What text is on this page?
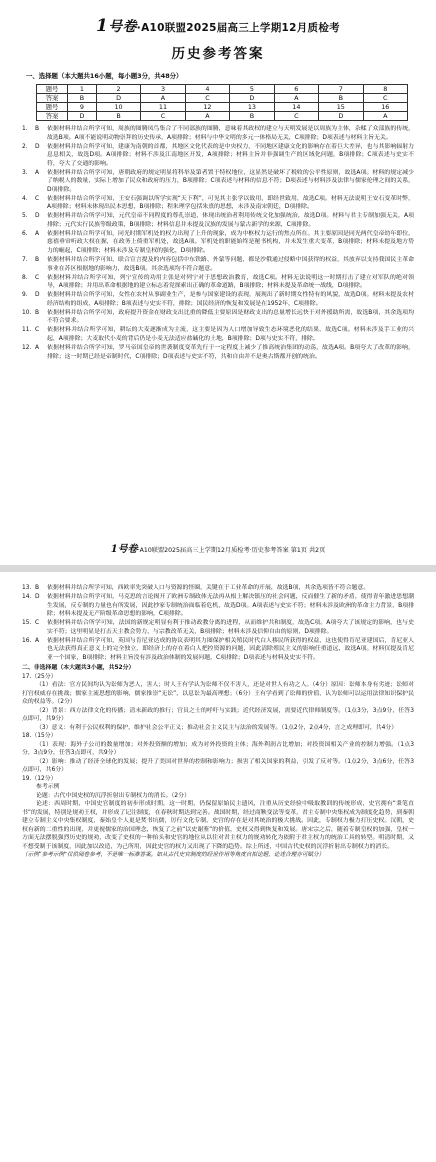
1号卷·A10联盟2025届高三上学期12月质检考
历史参考答案
一、选择题（本大题共16小题，每小题3分，共48分）
题号	1	2	3	4	5	6	7	8
答案	B	D	A	C	D	A	B	C
题号	9	10	11	12	13	14	15	16
答案	D	B	C	A	B	C	D	A
1.	B	依据材料并结合所学可知，周族的图腾凤鸟集合了不同部族的图腾，意味着其政权的建立与天明发展是以周族为主体，杂糅了众部族的传统，故选B项。A项不能说明动物崇拜的历史传承，A项排除；材料与中华文明的多元一体格局无关，C项排除；D项表述与材料主旨无关。
2.	D	依据材料并结合所学可知，建康为南朝的首都，其地区文化代表的是中央权力，不同地区建康文化的影响存在着巨大差异，也与其影响辐射力息息相关，故选D项。A项排除；材料不涉及江南地区开发，A项排除；材料主旨并非强调生产的区域化问题，B项排除；C项表述与史实不符，夸大了交通的影响。
3.	A	依据材料并结合所学可知，唐朝政府的规定明显将科举及第者置于特权地位，这显然是破坏了税收的公平性原则，故选A项。材料的规定减少了纳税人的数量，实际上增加了民众和政府的压力，B项排除；C项表述与材料的信息不符；D项表述与材料涉及法律与儒家伦理之间的关系，D项排除。
4.	C	依据材料并结合所学可知，王安石强调以所学实现“天下利”，可见其主张学以致用，即经世致用，故选C项。材料无法说明王安石变革时弊，A项排除；材料未体现出民本思想，B项排除；程朱理学包括朱熹的思想，未涉及南宋朝廷，D项排除。
5.	D	依据材料并结合所学可知，元代皇帝不同程度的尊孔崇道，体现出统治者利用传统文化加强统治，故选D项。材料与君主专制加强无关，A项排除；元代实行民族等级政策，B项排除；材料信息并未提及汉族的发展与蒙古新学的来源，C项排除。
6.	A	依据材料并结合所学可知，同光时期军机处的权力出现了上升的现象，成为中枢权力运行的焦点所在。其主要原因是同光两代皇帝幼年即位，慈禧垂帘听政大权在握，在政务上倚重军机处，故选A项。军机处的职能始终是秘书机构，并未发生重大变革，B项排除；材料未提及地方势力的崛起，C项排除；材料未涉及专制皇权的强化，D项排除。
7.	B	依据材料并结合所学可知，联合宣言提及的内容包括中东铁路、外蒙等问题，都是沙俄通过侵略中国获得的权益，其放弃以支持我国民主革命事业在苏区根据地的影响力，故选B项。其余选项均不符合题意。
8.	C	依据材料并结合所学可知，列宁宣传的功用主张是对列宁对于思想政治教育，故选C项。材料无法说明这一时期打击了建立对军队的绝对领导，A项排除；并用出革命根据地的建立标志着党探索出正确的革命道路，B项排除；材料未提及革命统一战线，D项排除。
9.	D	依据材料并结合所学可知，女性在农村从事副业生产，是参与国家建设的表现，展现出了新时期女性特有的风貌，故选D项。材料未提及农村经济结构的组成，A项排除；B项表述与史实不符，排除；国民经济的恢复和发展是在1952年，C项排除。
10. B	依据材料并结合所学可知，政府提升资金在财政支出比重的降低主要原因是财政支出的总量增长远快于对外援助所需，故选B项，其余选项均不符合要求。
11. C	依据材料并结合所学可知，耕坛的大麦逐渐成为主流，这主要是因为人口增加导致生态环境恶化的结果，故选C项。材料未涉及手工业的兴起，A项排除；大麦取代小麦的背后仍是小麦无法适应盐碱化的土地，B项排除；D项与史实不符，排除。
12. A	依据材料并结合所学可知，罗马帝国皇帝的世袭制度变革先行于一定程度上减少了推高统治集团的动荡，故选A项。B项夸大了改革的影响，排除；这一时期已经是帝制时代，C项排除；D项表述与史实不符，共和自由并不是奥古斯都开创的统治。
1号卷·A10联盟2025届高三上学期12月质检考·历史参考答案 第1页 共2页
13. B	依据材料并结合所学可知，西欧率先突破人口与资源的怪圈，关键在于工业革命的开展，故选B项，其余选项皆不符合题意。
14. D	依据材料并结合所学可知，马克思的言论揭开了欧洲专制政体无法再从根上解决镇压的社会问题，反而催生了新的矛盾，使得青年激进思想潮生发展，反专制的力量也有所发展，因此抄家专制统治面临着危机，故选D项。A项表述与史实不符；材料未涉及欧洲的革命主力背景，B项排除；材料未提及无产阶级革命思想的影响，C项排除。
15. C	依据材料并结合所学可知，法国的新规定明显有利于推动政教分离的进程，从而维护共和制度，故选C项。A项夸大了该规定的影响，也与史实不符；这里明显是打击天主教会势力，与宗教改革无关，B项排除；材料未涉及信仰自由的原则，D项排除。
16. A	依据材料并结合所学可知，英国与肯尼亚达成的协议表明其力图保护相关殖民时代白人移民所获得的权益，这也使得肯尼亚建国后，肯尼亚人也无法获得真正意义上的完全独立，即经济上的存在着白人把控资源的问题，因此清除殖民主义的影响任重道远，故选A项。材料仅提及肯尼亚一个国家，B项排除；材料主旨没有涉及政治体制的发展问题，C项排除；D项表述与材料及史实不符。
二、非选择题（本大题共3小题，共52分）
17.（25分）
（1）看法：官方民间均认为讼师为恶人，害人；时人王有学认为讼师不仅不害人，还是对世人有功之人。（4分）原因：讼师本身有劣迹；讼师对打官权威存在挑战；儒家主流思想的影响，儒家推崇“无讼”，以息讼为最高理想；（6分）王有学看到了讼师的价值，认为讼师可以运用法律知识保护民众的权益等。（2分）
（2）背景：西方法律文化的传播；清末新政的推行；官员之士的呼吁与实践；近代经济发展，需要近代律师制度等。（1点3分，3点9分，任答3点即可，共9分）
（3）意义：有利于公民权利的保护，维护社会公平正义；推动社会主义民主与法治的发展等。（1点2分，2点4分，言之成理即可，共4分）
18.（15分）
（1）表现：海外子公司的数量增加；对外投资额的增加；成为对外投资的主体；海外利润占比增加；对投资国相关产业的控制力增强。（1点3分，3点9分，任答3点即可，共9分）
（2）影响：推动了经济全球化的发展；提升了美国对世界的控制和影响力；损害了相关国家的利益，引发了反对等。（1点2分，3点6分，任答3点即可，共6分）
19.（12分）
参考示例
论题：古代中国史权的沉浮折射出专制权力的消长。（2分）
论述：西周时期，中国史官制度的初步形成时期，这一时期，仍保留原始民主遗风，注重从历史经验中吸取教训的传统形成，史官拥有“秉笔直书”的发展，特别是规劝王权，并形成了记注制度，在春秋时期达到完善。战国时期，经过商鞅变法等变革，君主专制中央集权成为制度化趋势，到秦朝建立专制主义中央集权制度，秦始皇个人更是焚书坑儒，厉行文化专制，史官的存在是对其统治的极大挑战。因此，专制权力极力打压史权。汉朝，史权有新的二重性的出现，并更视儒家的治国理念，恢复了之前“以史谢鉴”的价值，史权又得到恢复和发展。唐宋宗之后，随着专制皇权的加强，皇权一方面无法摆脱强烈历史的规劝，改变了史权的一种抬头和史官的地位从以往对君主权力的规劝转化为依附于君主权力的统治工具的转型。明清时期，又不想受制于该制度，因此加以改造，为己所用，因此史官的权力又出现了下降的趋势。综上所述，中国古代史权的沉浮折射出专制权力的消长。
（示例“参考示例”仅供阅卷参考，不是唯一标准答案。如从古代史官制度的经世作用等角度自拟论题，论述合理亦可赋分）
